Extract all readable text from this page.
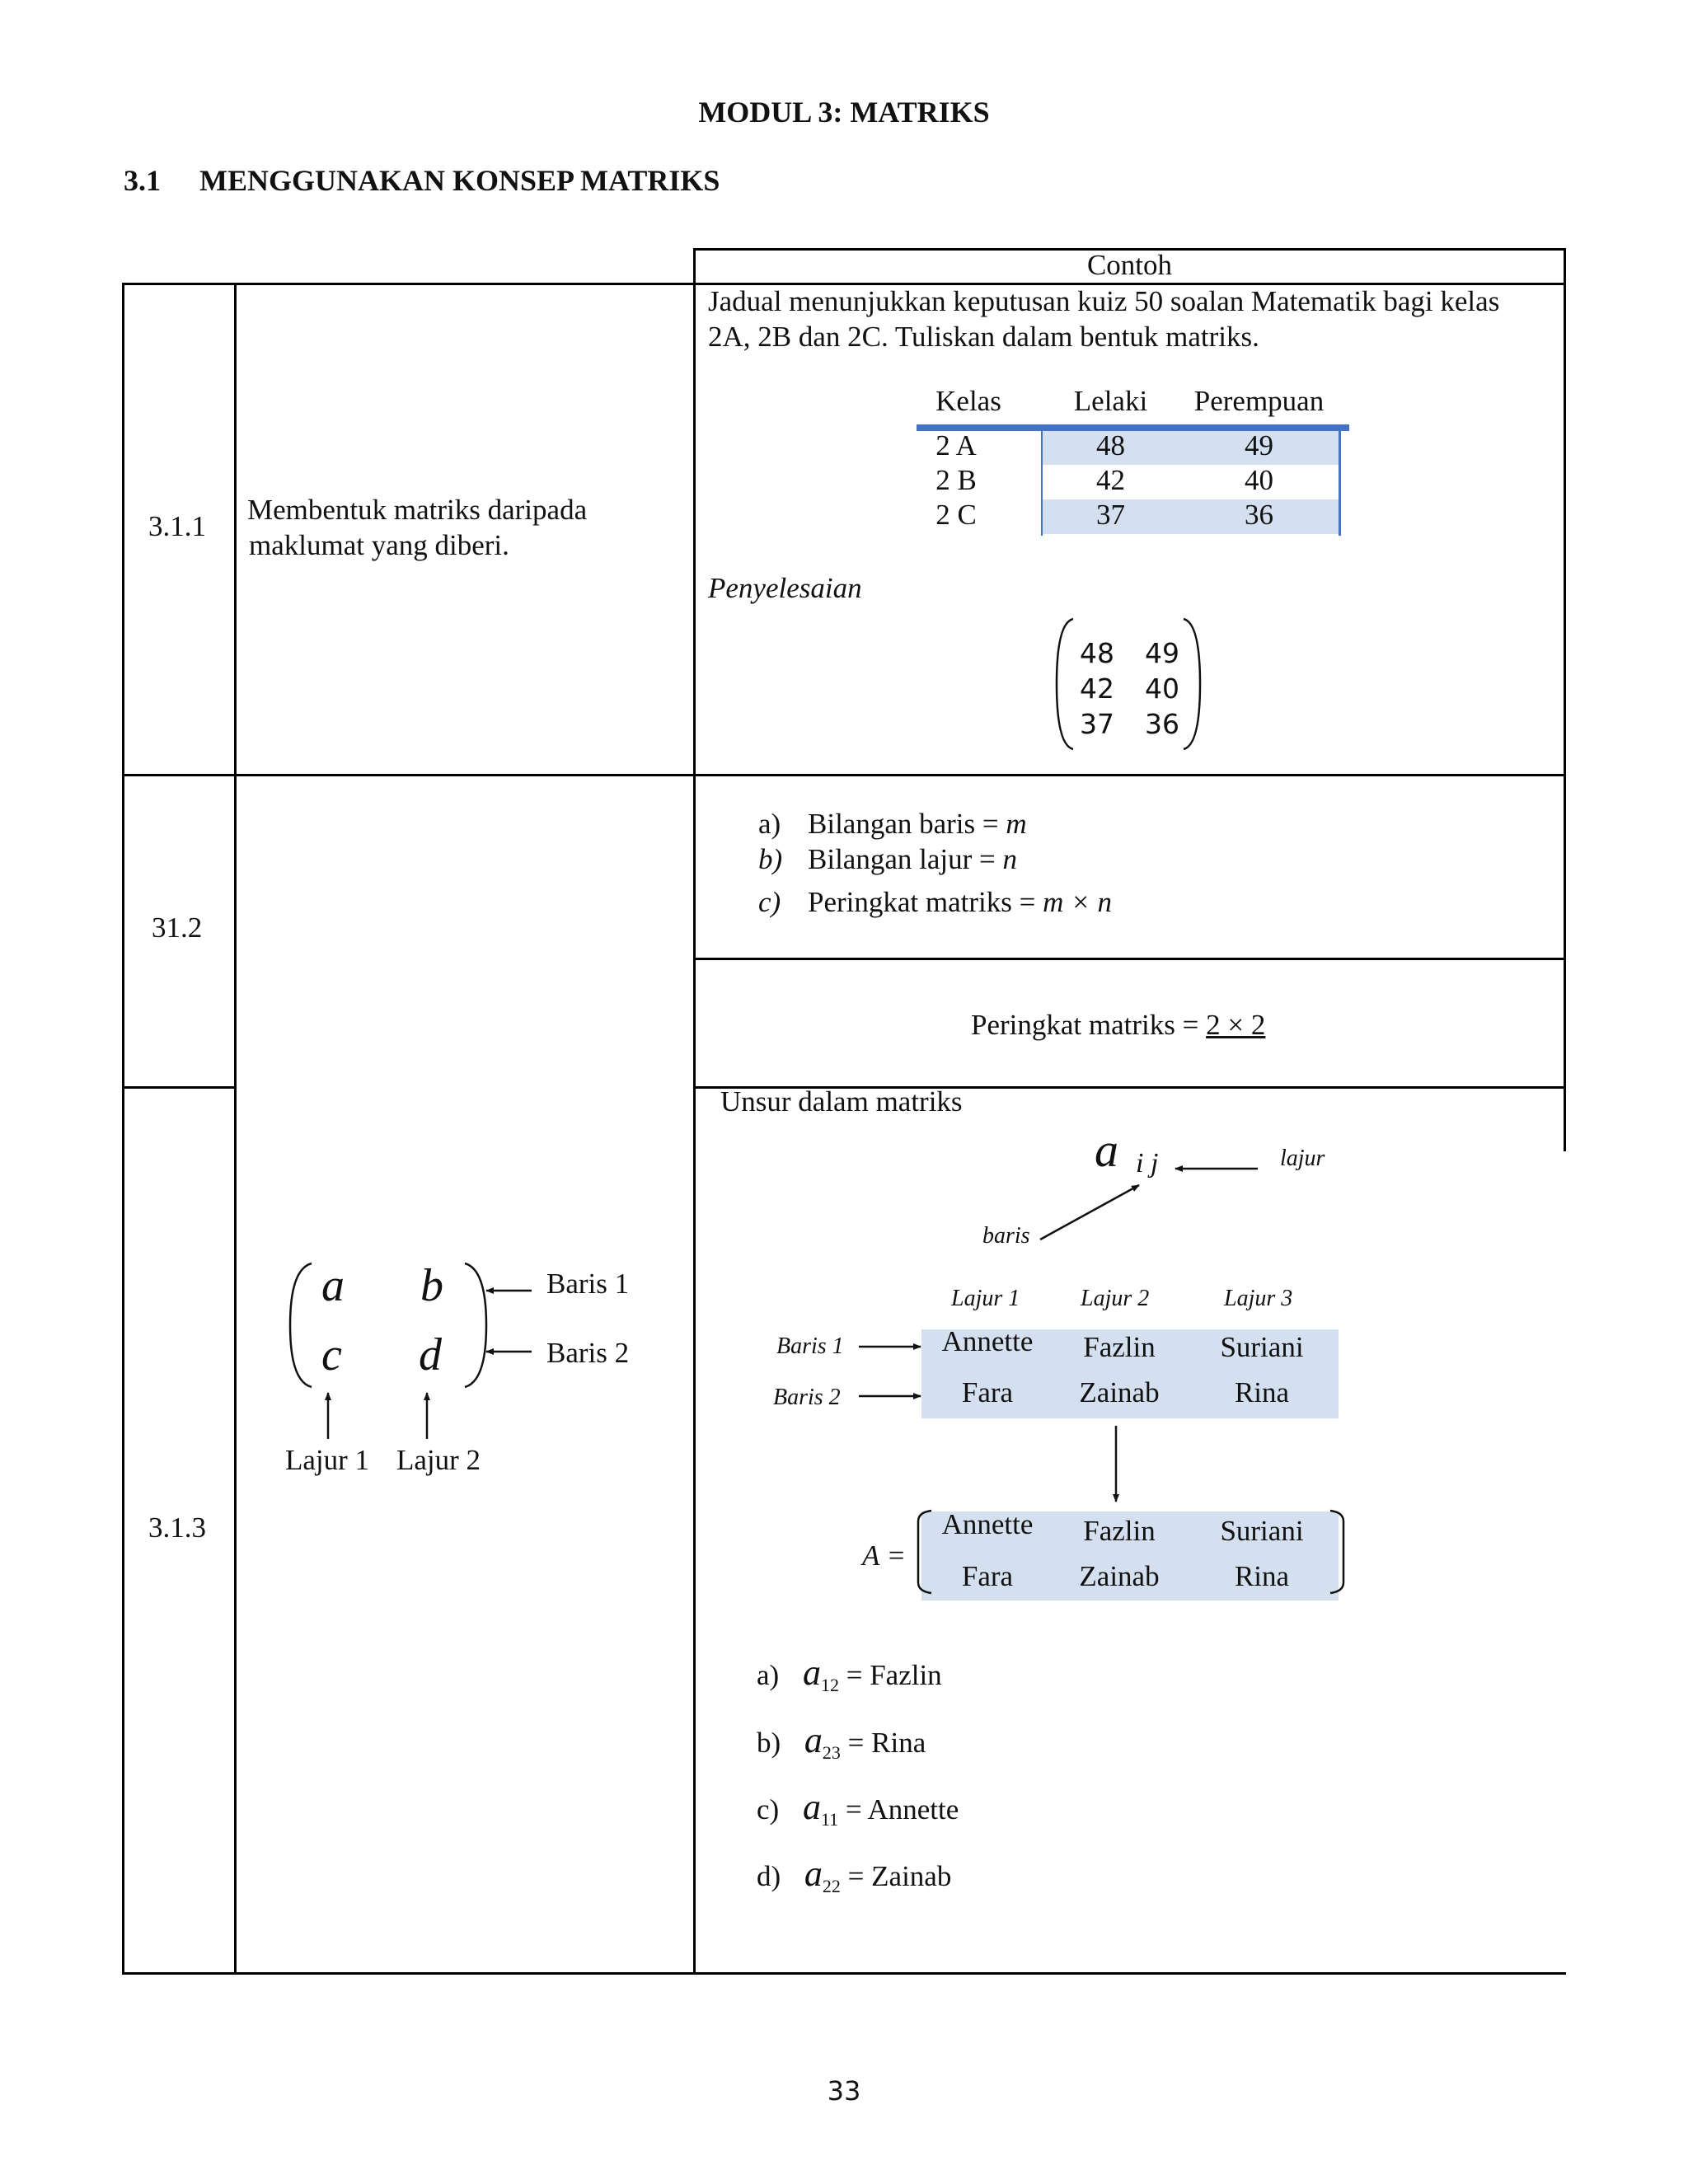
MODUL 3: MATRIKS
3.1 MENGGUNAKAN KONSEP MATRIKS
Contoh
3.1.1
Membentuk matriks daripada
maklumat yang diberi.
Jadual menunjukkan keputusan kuiz 50 soalan Matematik bagi kelas
2A, 2B dan 2C. Tuliskan dalam bentuk matriks.
Kelas	Lelaki	Perempuan
2 A	48	49
2 B	42	40
2 C	37	36
Penyelesaian
48 49
42 40
37 36
31.2
a) Bilangan baris = m
b) Bilangan lajur = n
c) Peringkat matriks = m × n
Peringkat matriks = 2 × 2
3.1.3
a b
c d
Baris 1
Baris 2
Lajur 1 Lajur 2
Unsur dalam matriks
a i j	lajur
baris
Lajur 1	Lajur 2	Lajur 3
Baris 1
Baris 2
Annette	Fazlin	Suriani
Fara	Zainab	Rina
A =
Annette	Fazlin	Suriani
Fara	Zainab	Rina
a) $a_{12}$ = Fazlin
b) $a_{23}$ = Rina
c) $a_{11}$ = Annette
d) $a_{22}$ = Zainab
33
